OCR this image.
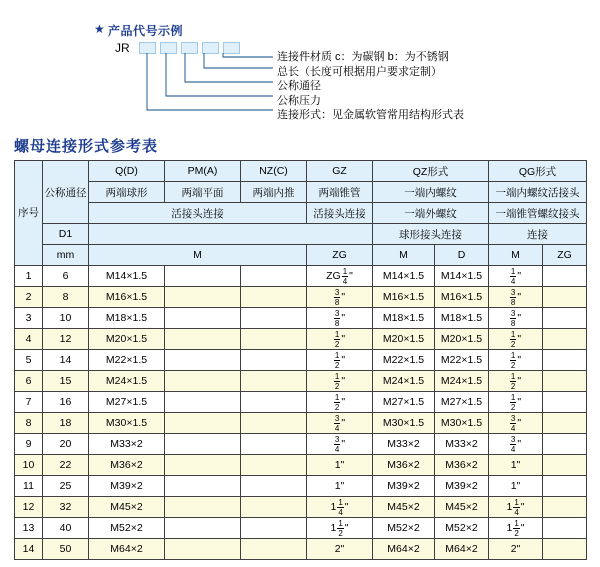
★ 产品代号示例
JR
连接件材质 c：为碳钢 b：为不锈钢
总长（长度可根据用户要求定制）
公称通径
公称压力
连接形式：见金属软管常用结构形式表
螺母连接形式参考表
序号	公称通径	Q(D)	PM(A)	NZ(C)	GZ	QZ形式		QG形式	
		两端球形	两端平面	两端内推	两端锥管	一端内螺纹		一端内螺纹活接头	
		活接头连接			活接头连接	一端外螺纹		一端锥管螺纹接头	
	D1					球形接头连接		连接	
	mm	M			ZG	M	D	M	ZG
1	6	M14×1.5			ZG $\frac{1}{4}$ "	M14×1.5	M14×1.5	$\frac{1}{4}$ "	

2	8	M16×1.5			$\frac{3}{8}$ "	M16×1.5	M16×1.5	$\frac{3}{8}$ "	

3	10	M18×1.5			$\frac{3}{8}$ "	M18×1.5	M18×1.5	$\frac{3}{8}$ "	

4	12	M20×1.5			$\frac{1}{2}$ "	M20×1.5	M20×1.5	$\frac{1}{2}$ "	

5	14	M22×1.5			$\frac{1}{2}$ "	M22×1.5	M22×1.5	$\frac{1}{2}$ "	

6	15	M24×1.5			$\frac{1}{2}$ "	M24×1.5	M24×1.5	$\frac{1}{2}$ "	

7	16	M27×1.5			$\frac{1}{2}$ "	M27×1.5	M27×1.5	$\frac{1}{2}$ "	

8	18	M30×1.5			$\frac{3}{4}$ "	M30×1.5	M30×1.5	$\frac{3}{4}$ "	

9	20	M33×2			$\frac{3}{4}$ "	M33×2	M33×2	$\frac{3}{4}$ "	

10	22	M36×2			1"	M36×2	M36×2	1"	
11	25	M39×2			1"	M39×2	M39×2	1"	
12	32	M45×2			$1 \frac{1}{4}$ "	M45×2	M45×2	$1 \frac{1}{4}$ "	

13	40	M52×2			$1 \frac{1}{2}$ "	M52×2	M52×2	$1 \frac{1}{2}$ "	

14	50	M64×2			2"	M64×2	M64×2	2"	
